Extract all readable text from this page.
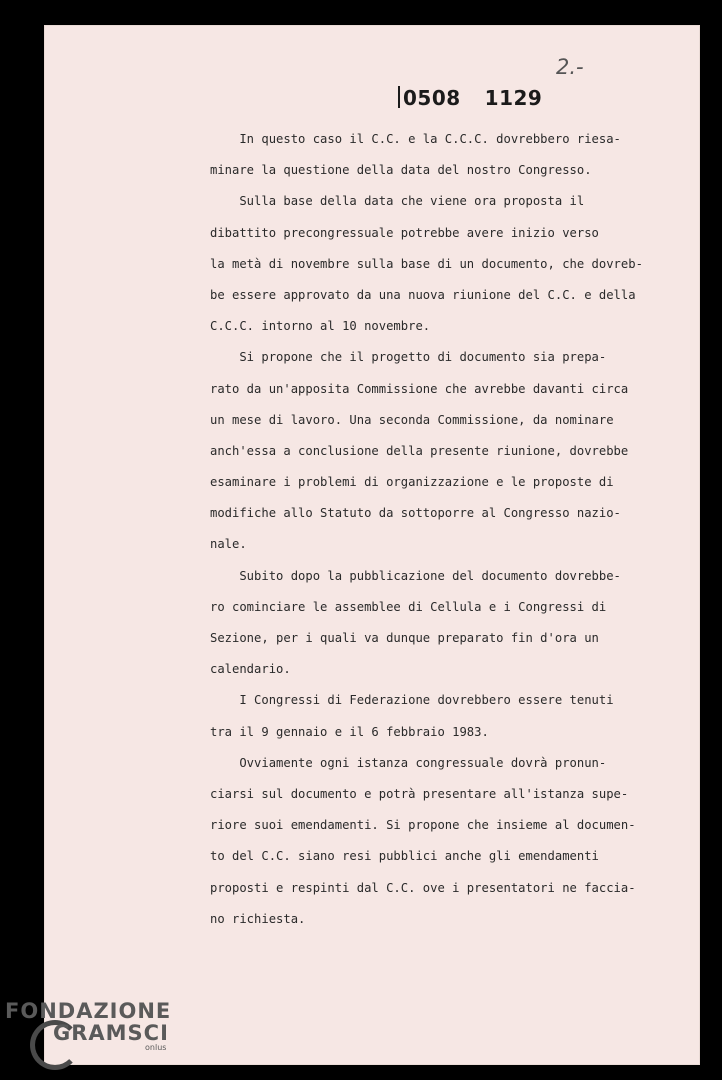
2.-
0508 1129
In questo caso il C.C. e la C.C.C. dovrebbero riesa-
minare la questione della data del nostro Congresso.
Sulla base della data che viene ora proposta il
dibattito precongressuale potrebbe avere inizio verso
la metà di novembre sulla base di un documento, che dovreb-
be essere approvato da una nuova riunione del C.C. e della
C.C.C. intorno al 10 novembre.
Si propone che il progetto di documento sia prepa-
rato da un'apposita Commissione che avrebbe davanti circa
un mese di lavoro. Una seconda Commissione, da nominare
anch'essa a conclusione della presente riunione, dovrebbe
esaminare i problemi di organizzazione e le proposte di
modifiche allo Statuto da sottoporre al Congresso nazio-
nale.
Subito dopo la pubblicazione del documento dovrebbe-
ro cominciare le assemblee di Cellula e i Congressi di
Sezione, per i quali va dunque preparato fin d'ora un
calendario.
I Congressi di Federazione dovrebbero essere tenuti
tra il 9 gennaio e il 6 febbraio 1983.
Ovviamente ogni istanza congressuale dovrà pronun-
ciarsi sul documento e potrà presentare all'istanza supe-
riore suoi emendamenti. Si propone che insieme al documen-
to del C.C. siano resi pubblici anche gli emendamenti
proposti e respinti dal C.C. ove i presentatori ne faccia-
no richiesta.
FONDAZIONE
GRAMSCI
onlus
